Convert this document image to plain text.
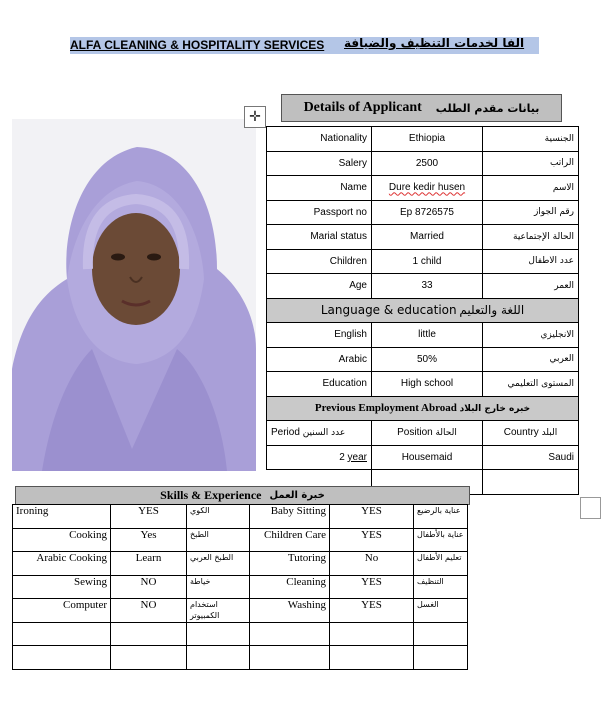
ALFA CLEANING & HOSPITALITY SERVICES الفا لخدمات التنظيف والضيافة
✛
Details of Applicant بيانات مقدم الطلب
Nationality	Ethiopia	الجنسية
Salery	2500	الراتب
Name	Dure kedir husen	الاسم
Passport no	Ep 8726575	رقم الجواز
Marial status	Married	الحالة الإجتماعية
Children	1 child	عدد الاطفال
Age	33	العمر
Language & education اللغة والتعليم		
English	little	الانجليزي
Arabic	50%	العربي
Education	High school	المستوى التعليمي
Previous Employment Abroad خبره خارج البلاد		
Period عدد السنين	Position الحالة	Country البلد
2 year	Housemaid	Saudi

Skills & Experience خبرة العمل
Ironing	YES	الكوي	Baby Sitting	YES	عناية بالرضيع
Cooking	Yes	الطبخ	Children Care	YES	عناية بالأطفال
Arabic Cooking	Learn	الطبخ العربي	Tutoring	No	تعليم الأطفال
Sewing	NO	خياطة	Cleaning	YES	التنظيف
Computer	NO	استخدام الكمبيوتر	Washing	YES	الغسل
